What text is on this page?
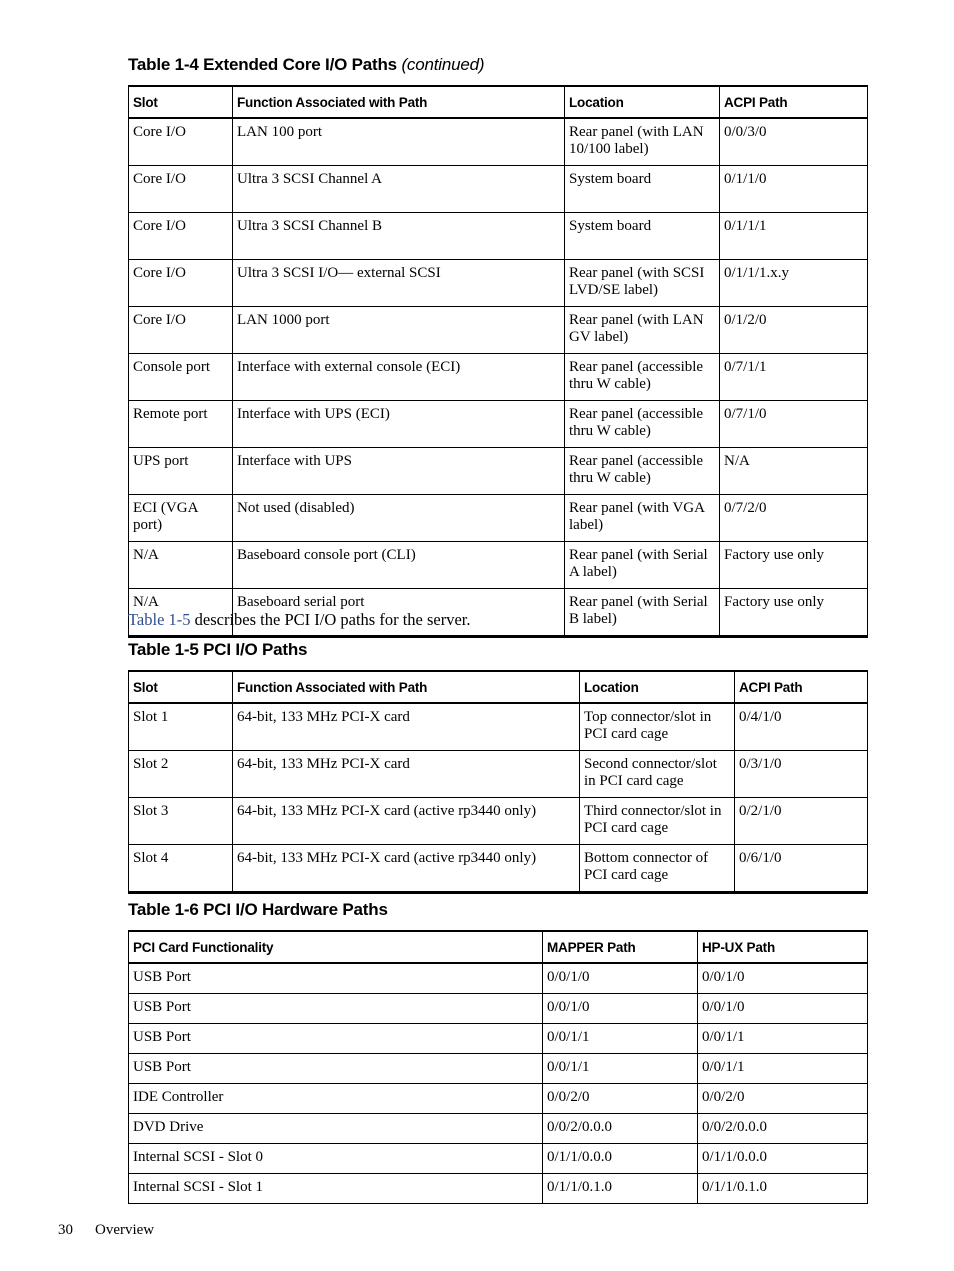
Table 1-4 Extended Core I/O Paths (continued)
Slot	Function Associated with Path	Location	ACPI Path
Core I/O	LAN 100 port	Rear panel (with LAN 10/100 label)	0/0/3/0
Core I/O	Ultra 3 SCSI Channel A	System board	0/1/1/0
Core I/O	Ultra 3 SCSI Channel B	System board	0/1/1/1
Core I/O	Ultra 3 SCSI I/O— external SCSI	Rear panel (with SCSI LVD/SE label)	0/1/1/1.x.y
Core I/O	LAN 1000 port	Rear panel (with LAN GV label)	0/1/2/0
Console port	Interface with external console (ECI)	Rear panel (accessible thru W cable)	0/7/1/1
Remote port	Interface with UPS (ECI)	Rear panel (accessible thru W cable)	0/7/1/0
UPS port	Interface with UPS	Rear panel (accessible thru W cable)	N/A
ECI (VGA port)	Not used (disabled)	Rear panel (with VGA label)	0/7/2/0
N/A	Baseboard console port (CLI)	Rear panel (with Serial A label)	Factory use only
N/A	Baseboard serial port	Rear panel (with Serial B label)	Factory use only
Table 1-5 describes the PCI I/O paths for the server.
Table 1-5 PCI I/O Paths
Slot	Function Associated with Path	Location	ACPI Path
Slot 1	64-bit, 133 MHz PCI-X card	Top connector/slot in PCI card cage	0/4/1/0
Slot 2	64-bit, 133 MHz PCI-X card	Second connector/slot in PCI card cage	0/3/1/0
Slot 3	64-bit, 133 MHz PCI-X card (active rp3440 only)	Third connector/slot in PCI card cage	0/2/1/0
Slot 4	64-bit, 133 MHz PCI-X card (active rp3440 only)	Bottom connector of PCI card cage	0/6/1/0
Table 1-6 PCI I/O Hardware Paths
PCI Card Functionality	MAPPER Path	HP-UX Path
USB Port	0/0/1/0	0/0/1/0
USB Port	0/0/1/0	0/0/1/0
USB Port	0/0/1/1	0/0/1/1
USB Port	0/0/1/1	0/0/1/1
IDE Controller	0/0/2/0	0/0/2/0
DVD Drive	0/0/2/0.0.0	0/0/2/0.0.0
Internal SCSI - Slot 0	0/1/1/0.0.0	0/1/1/0.0.0
Internal SCSI - Slot 1	0/1/1/0.1.0	0/1/1/0.1.0
30 Overview
